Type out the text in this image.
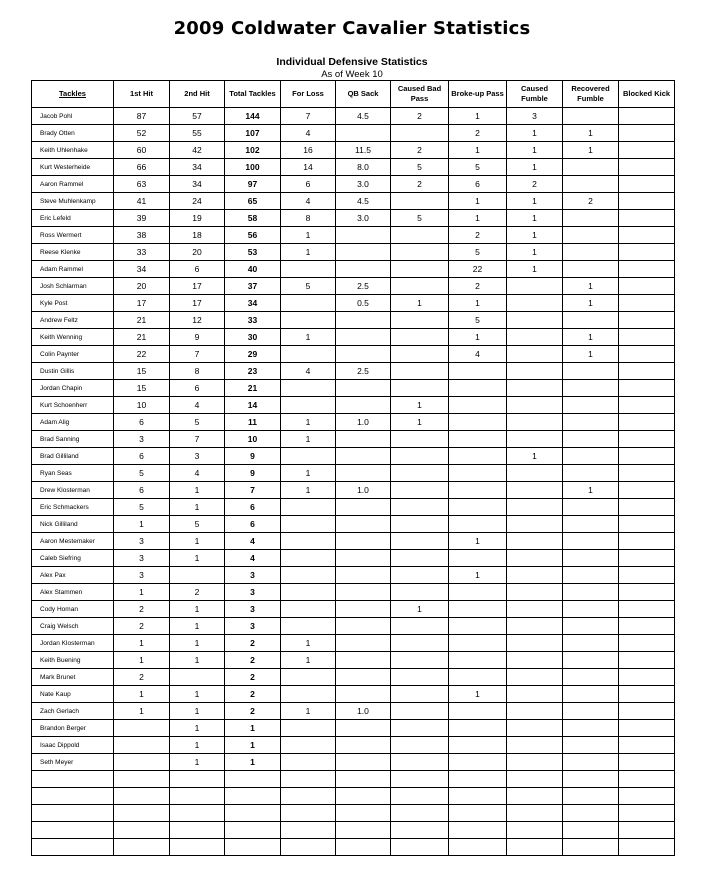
2009 Coldwater Cavalier Statistics
Individual Defensive Statistics
As of Week 10
Tackles	1st Hit	2nd Hit	Total Tackles	For Loss	QB Sack	Caused Bad Pass	Broke-up Pass	Caused Fumble	Recovered Fumble	Blocked Kick
Jacob Pohl	87	57	144	7	4.5	2	1	3		
Brady Otten	52	55	107	4			2	1	1	
Keith Uhlenhake	60	42	102	16	11.5	2	1	1	1	
Kurt Westerheide	66	34	100	14	8.0	5	5	1		
Aaron Rammel	63	34	97	6	3.0	2	6	2		
Steve Muhlenkamp	41	24	65	4	4.5		1	1	2	
Eric Lefeld	39	19	58	8	3.0	5	1	1		
Ross Wermert	38	18	56	1			2	1		
Reese Klenke	33	20	53	1			5	1		
Adam Rammel	34	6	40				22	1		
Josh Schlarman	20	17	37	5	2.5		2		1	
Kyle Post	17	17	34		0.5	1	1		1	
Andrew Feltz	21	12	33				5			
Keith Wenning	21	9	30	1			1		1	
Colin Paynter	22	7	29				4		1	
Dustin Gillis	15	8	23	4	2.5					
Jordan Chapin	15	6	21							
Kurt Schoenherr	10	4	14			1				
Adam Alig	6	5	11	1	1.0	1				
Brad Sanning	3	7	10	1						
Brad Gilliland	6	3	9					1		
Ryan Seas	5	4	9	1						
Drew Klosterman	6	1	7	1	1.0				1	
Eric Schmackers	5	1	6							
Nick Gilliland	1	5	6							
Aaron Mestemaker	3	1	4				1			
Caleb Siefring	3	1	4							
Alex Pax	3		3				1			
Alex Stammen	1	2	3							
Cody Homan	2	1	3			1				
Craig Welsch	2	1	3							
Jordan Klosterman	1	1	2	1						
Keith Buening	1	1	2	1						
Mark Brunet	2		2							
Nate Kaup	1	1	2				1			
Zach Gerlach	1	1	2	1	1.0					
Brandon Berger		1	1							
Isaac Dippold		1	1							
Seth Meyer		1	1							
